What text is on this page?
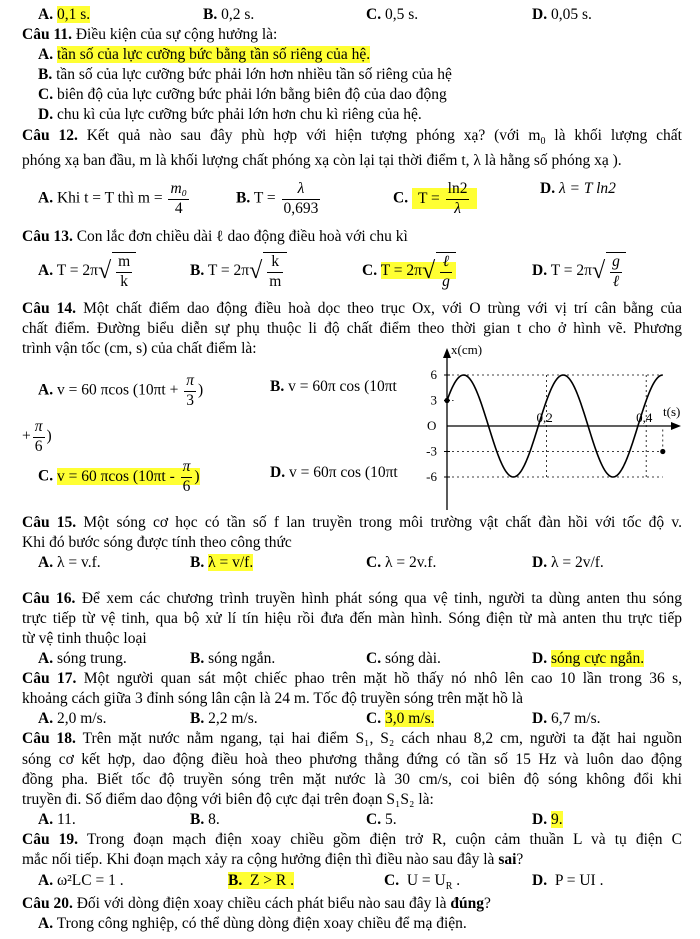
A. 0,1 s.	B. 0,2 s.	C. 0,5 s.	D. 0,05 s.
Câu 11. Điều kiện của sự cộng hưởng là:
A. tần số của lực cưỡng bức bằng tần số riêng của hệ.
B. tần số của lực cưỡng bức phải lớn hơn nhiều tần số riêng của hệ
C. biên độ của lực cưỡng bức phải lớn bằng biên độ của dao động
D. chu kì của lực cưỡng bức phải lớn hơn chu kì riêng của hệ.
Câu 12. Kết quả nào sau đây phù hợp với hiện tượng phóng xạ? (với $m_0$ là khối lượng chất
phóng xạ ban đầu, m là khối lượng chất phóng xạ còn lại tại thời điểm t, λ là hằng số phóng xạ ).
A. Khi t = T thì $m = \frac{\text{m₀}}{4}$	B. $T = \frac{\lambda}{0,693}$	C. $T = \frac{\ln 2}{\lambda}$	D. λ = T ln2
Câu 13. Con lắc đơn chiều dài ℓ dao động điều hoà với chu kì
A. $T = 2\pi√ \frac{m}{k}$	B. $T = 2\pi√ \frac{k}{m}$	C. $T = 2\pi√ \frac{\text{ℓ}}{g}$	D. $T = 2\pi√ \frac{g}{\text{ℓ}}$
Câu 14. Một chất điểm dao động điều hoà dọc theo trục Ox, với O trùng với vị trí cân bằng của
chất điểm. Đường biểu diễn sự phụ thuộc li độ chất điểm theo thời gian t cho ở hình vẽ. Phương
trình vận tốc (cm, s) của chất điểm là:
A. v = 60 πcos ($10\pi t + \frac{\pi}{3}$ )	B. v = 60π cos (10πt
+ $\frac{\pi}{6}$ )
C. v = 60 πcos ($10\pi t - \frac{\pi}{6}$ )	D. v = 60π cos (10πt
6
3
-3
-6
0,2	0,4
x(cm)
t(s)
O
Câu 15. Một sóng cơ học có tần số f lan truyền trong môi trường vật chất đàn hồi với tốc độ v.
Khi đó bước sóng được tính theo công thức
A. λ = v.f.	B. λ = v/f.	C. λ = 2v.f.	D. λ = 2v/f.
Câu 16. Để xem các chương trình truyền hình phát sóng qua vệ tinh, người ta dùng anten thu sóng
trực tiếp từ vệ tinh, qua bộ xử lí tín hiệu rồi đưa đến màn hình. Sóng điện từ mà anten thu trực tiếp
từ vệ tinh thuộc loại
A. sóng trung.	B. sóng ngắn.	C. sóng dài.	D. sóng cực ngắn.
Câu 17. Một người quan sát một chiếc phao trên mặt hồ thấy nó nhô lên cao 10 lần trong 36 s,
khoảng cách giữa 3 đỉnh sóng lân cận là 24 m. Tốc độ truyền sóng trên mặt hồ là
A. 2,0 m/s.	B. 2,2 m/s.	C. 3,0 m/s.	D. 6,7 m/s.
Câu 18. Trên mặt nước nằm ngang, tại hai điểm S₁, S₂ cách nhau 8,2 cm, người ta đặt hai nguồn
sóng cơ kết hợp, dao động điều hoà theo phương thẳng đứng có tần số 15 Hz và luôn dao động
đồng pha. Biết tốc độ truyền sóng trên mặt nước là 30 cm/s, coi biên độ sóng không đổi khi
truyền đi. Số điểm dao động với biên độ cực đại trên đoạn S₁S₂ là:
A. 11.	B. 8.	C. 5.	D. 9.
Câu 19. Trong đoạn mạch điện xoay chiều gồm điện trở R, cuộn cảm thuần L và tụ điện C
mắc nối tiếp. Khi đoạn mạch xảy ra cộng hưởng điện thì điều nào sau đây là sai?
A. ω²LC = 1 .	B. Z > R .	C. $U = U_R$ .	D. P = UI .
Câu 20. Đối với dòng điện xoay chiều cách phát biểu nào sau đây là đúng?
A. Trong công nghiệp, có thể dùng dòng điện xoay chiều để mạ điện.
